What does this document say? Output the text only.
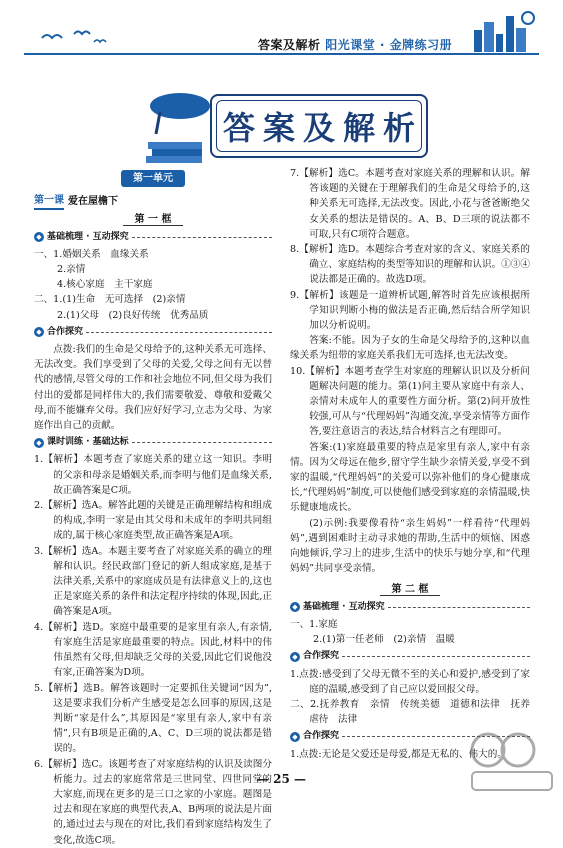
答案及解析 阳光课堂 · 金牌练习册
答 案 及 解 析
第一单元
第一课 爱在屋檐下
第 一 框
◆ 基础梳理 · 互动探究

一、1.婚姻关系　血缘关系

2.亲情

4.核心家庭　主干家庭

二、1.(1)生命　无可选择　(2)亲情

2.(1)父母　(2)良好传统　优秀品质

◆ 合作探究

点拨:我们的生命是父母给予的,这种关系无可选择、无法改变。我们享受到了父母的关爱,父母之间有无以替代的感情,尽管父母的工作和社会地位不同,但父母为我们付出的爱都是同样伟大的,我们需要敬爱、尊敬和爱戴父母,而不能嫌弃父母。我们应好好学习,立志为父母、为家庭作出自己的贡献。

◆ 课时训练 · 基础达标

1.【解析】本题考查了家庭关系的建立这一知识。李明的父亲和母亲是婚姻关系,而李明与他们是血缘关系,故正确答案是C项。

2.【解析】选A。解答此题的关键是正确理解结构和组成的构成,李明一家是由其父母和未成年的李明共同组成的,属于核心家庭类型,故正确答案是A项。

3.【解析】选A。本题主要考查了对家庭关系的确立的理解和认识。经民政部门登记的新人组成家庭,是基于法律关系,关系中的家庭成员是有法律意义上的,这也正是家庭关系的条件和法定程序持续的体现,因此,正确答案是A项。

4.【解析】选D。家庭中最重要的是家里有亲人,有亲情,有家庭生活是家庭最重要的特点。因此,材料中的伟伟虽然有父母,但却缺乏父母的关爱,因此它们说他没有家,正确答案为D项。

5.【解析】选B。解答该题时一定要抓住关键词“因为”,这是要求我们分析产生感受是怎么回事的原因,这是判断“家是什么”,其原因是“家里有亲人,家中有亲情”,只有B项是正确的,A、C、D三项的说法都是错误的。

6.【解析】选C。该题考查了对家庭结构的认识及读图分析能力。过去的家庭常常是三世同堂、四世同堂的大家庭,而现在更多的是三口之家的小家庭。题图是过去和现在家庭的典型代表,A、B两项的说法是片面的,通过过去与现在的对比,我们看到家庭结构发生了变化,故选C项。

7.【解析】选C。本题考查对家庭关系的理解和认识。解答该题的关键在于理解我们的生命是父母给予的,这种关系无可选择,无法改变。因此,小花与爸爸断绝父女关系的想法是错误的。A、B、D三项的说法都不可取,只有C项符合题意。

8.【解析】选D。本题综合考查对家的含义、家庭关系的确立、家庭结构的类型等知识的理解和认识。①③④说法都是正确的。故选D项。

9.【解析】该题是一道辨析试题,解答时首先应该根据所学知识判断小梅的做法是否正确,然后结合所学知识加以分析说明。

答案:不能。因为子女的生命是父母给予的,这种以血缘关系为纽带的家庭关系我们无可选择,也无法改变。

10.【解析】本题考查学生对家庭的理解认识以及分析问题解决问题的能力。第(1)问主要从家庭中有亲人、亲情对未成年人的重要性方面分析。第(2)问开放性较强,可从与“代理妈妈”沟通交流,享受亲情等方面作答,要注意语言的表达,结合材料言之有理即可。

答案:(1)家庭最重要的特点是家里有亲人,家中有亲情。因为父母远在他乡,留守学生缺少亲情关爱,享受不到家的温暖,“代理妈妈”的关爱可以弥补他们的身心健康成长,“代理妈妈”制度,可以使他们感受到家庭的亲情温暖,快乐健康地成长。

(2)示例:我要像看待“亲生妈妈”一样看待“代理妈妈”,遇到困难时主动寻求她的帮助,生活中的烦恼、困惑向她倾诉,学习上的进步,生活中的快乐与她分享,和“代理妈妈”共同享受亲情。

第 二 框
◆ 基础梳理 · 互动探究

一、1.家庭

2.(1)第一任老师　(2)亲情　温暖

◆ 合作探究

1.点拨:感受到了父母无微不至的关心和爱护,感受到了家庭的温暖,感受到了自己应以爱回报父母。

二、2.抚养教育　亲情　传统美德　道德和法律　抚养　虐待　法律

◆ 合作探究

1.点拨:无论是父爱还是母爱,都是无私的、伟大的。

— 25 —
